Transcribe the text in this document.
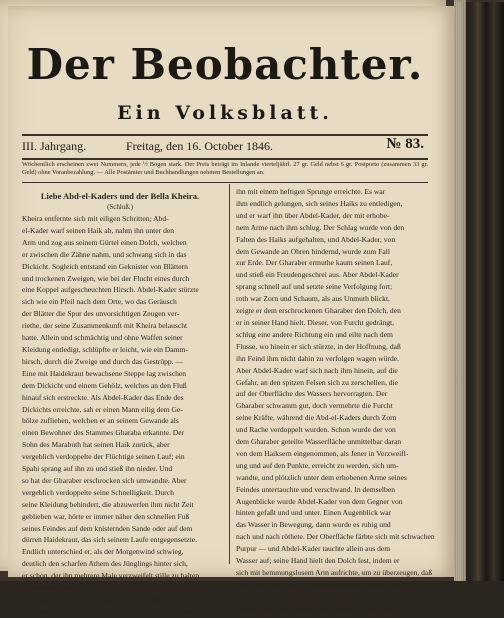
Der Beobachter.
Ein Volksblatt.
III. Jahrgang.	Freitag, den 16. October 1846.	№ 83.
Wöchentlich erscheinen zwei Nummern, jede ½ Bogen stark. Der Preis beträgt im Inlande vierteljährl. 27 gr. Geld nebst 6 gr. Postporto (zusammen 33 gr. Geld) ohne Voranbezahlung. — Alle Postämter und Buchhandlungen nehmen Bestellungen an.
Liebe Abd-el-Kaders und der Bella Kheira.
(Schluß.)
Kheira entfernte sich mit eiligen Schritten; Abd-
el-Kader warf seinen Haik ab, nahm ihn unter den
Arm und zog aus seinem Gürtel einen Dolch, welchen
er zwischen die Zähne nahm, und schwang sich in das
Dickicht. Sogleich entstand ein Geknister von Blättern
und trockenen Zweigen, wie bei der Flucht eines durch
eine Koppel aufgescheuchten Hirsch. Abdel-Kader stürzte
sich wie ein Pfeil nach dem Orte, wo das Geräusch
der Blätter die Spur des unvorsichtigen Zeugen ver-
riethe, der seine Zusammenkunft mit Kheira belauscht
hatte. Allein und schmächtig und ohne Waffen seiner
Kleidung entledigt, schlüpfte er leicht, wie ein Damm-
hirsch, durch die Zweige und durch das Gestrüpp. —
Eine mit Haidekraut bewachsene Steppe lag zwischen
dem Dickicht und einem Gehölz, welches an den Fluß
hinauf sich erstreckte. Als Abdel-Kader das Ende des
Dickichts erreichte, sah er einen Mann eilig dem Ge-
hölze zufliehen, welchen er an seinem Gewande als
einen Bewohner des Stammes Gharaba erkannte. Der
Sohn des Marabuth hat seinen Haik zurück, aber
vergeblich verdoppelte der Flüchtige seinen Lauf; ein
Spahi sprang auf ihn zu und stieß ihn nieder. Und
so hat der Gharaber erschrocken sich umwandte. Aber
vergeblich verdoppelte seine Schnelligkeit. Durch
seine Kleidung behindert, die abzuwerfen ihm nicht Zeit
geblieben war, hörte er immer näher den schnellen Fuß
seines Feindes auf dem knisternden Sande oder auf dem
dürren Haidekraut, das sich seinem Laufe entgegensetzte.
Endlich unterschied er, als der Morgenwind schwieg,
deutlich den scharfen Athem des Jünglings hinter sich,
er schon, der ihn mehrere Male verzweifelt stille zu halten
angekündet hatte.
Am Saume des Gehölzes wandte der Gharaber
sich plötzlich in dem Augenblicke um, als Abdel-Kader
ihn mit einem heftigen Sprunge erreichte. Es war
ihm endlich gelungen, sich seines Haiks zu entledigen,
und er warf ihn über Abdel-Kader, der mit erhobe-
nem Arme nach ihm schlug. Der Schlag wurde von den
Falten des Haiks aufgehalten, und Abdel-Kader, von
dem Gewande an Ohren hindernd, wurde zum Fall
zur Erde. Der Gharaber ermuthe kaum seinen Lauf,
und stieß ein Freudengeschrei aus. Aber Abdel-Kader
sprang schnell auf und setzte seine Verfolgung fort;
roth war Zorn und Schaum, als aus Unmuth blickt,
zeigte er dem erschrockenen Gharaber den Dolch, den
er in seiner Hand hielt. Dieser, von Furcht gedrängt,
schlug eine andere Richtung ein und eilte nach dem
Flusse, wo hinein er sich stürzte, in der Hoffnung, daß
ihn Feind ihm nicht dahin zu verfolgen wagen würde.
Aber Abdel-Kader warf sich nach ihm hinein, auf die
Gefahr, an den spitzen Felsen sich zu zerschellen, die
auf der Oberfläche des Wassers hervorragten. Der
Gharaber schwamm gut, doch vermehrte die Furcht
seine Kräfte, während die Abd-el-Kaders durch Zorn
und Rache verdoppelt wurden. Schon wurde der von
dem Gharaber geteilte Wasserfläche unmittelbar daran
von dem Haiksern eingenommen, als Jener in Verzweifl-
ung und auf den Punkte, erreicht zu werden, sich um-
wandte, und plötzlich unter dem erhobenen Arme seines
Feindes untertauchte und verschwand. In demselben
Augenblicke wurde Abdel-Kader von dem Gegner von
hinten gefaßt und und unter. Einen Augenblick war
das Wasser in Bewegung, dann wurde es ruhig und
nach und nach röthete. Der Oberfläche färbte sich mit schwachen
Purpur — und Abdel-Kader tauchte allein aus dem
Wasser auf; seine Hand hielt den Dolch fest, indem er
sich mit hemmungslosem Arm aufrichte, um zu überzeugen, daß
sein Feind nicht mit ihm heraufgekommen wäre. Dieser
aber wurde nach der Wahl auf die Kräfte um eine
Zeitlang auf dem Wasser; doch war es nur noch ein
